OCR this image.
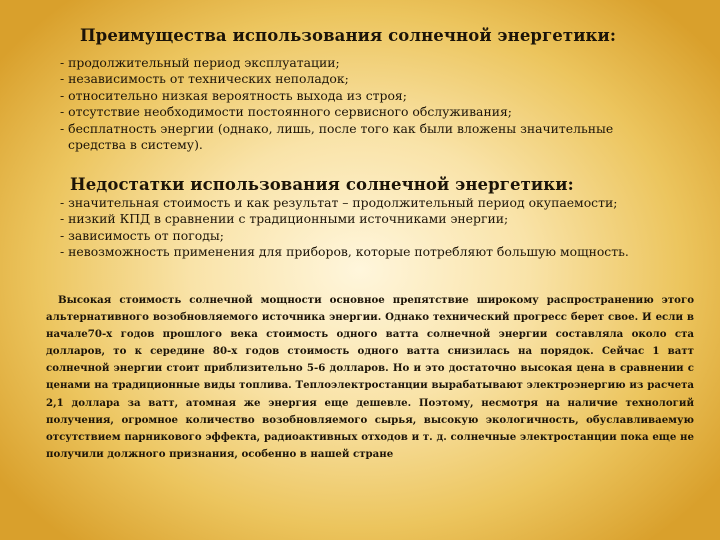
Преимущества использования солнечной энергетики:
- продолжительный период эксплуатации;
- независимость от технических неполадок;
- относительно низкая вероятность выхода из строя;
- отсутствие необходимости постоянного сервисного обслуживания;
- бесплатность энергии (однако, лишь, после того как были вложены значительные средства в систему).
Недостатки использования солнечной энергетики:
- значительная стоимость и как результат – продолжительный период окупаемости;
- низкий КПД в сравнении с традиционными источниками энергии;
- зависимость от погоды;
- невозможность применения для приборов, которые потребляют большую мощность.

Высокая стоимость солнечной мощности основное препятствие широкому распространению этого альтернативного возобновляемого источника энергии. Однако технический прогресс берет свое. И если в начале70-х годов прошлого века стоимость одного ватта солнечной энергии составляла около ста долларов, то к середине 80-х годов стоимость одного ватта снизилась на порядок. Сейчас 1 ватт солнечной энергии стоит приблизительно 5-6 долларов. Но и это достаточно высокая цена в сравнении с ценами на традиционные виды топлива. Теплоэлектростанции вырабатывают электроэнергию из расчета 2,1 доллара за ватт, атомная же энергия еще дешевле. Поэтому, несмотря на наличие технологий получения, огромное количество возобновляемого сырья, высокую экологичность, обуславливаемую отсутствием парникового эффекта, радиоактивных отходов и т. д. солнечные электростанции пока еще не получили должного признания, особенно в нашей стране
